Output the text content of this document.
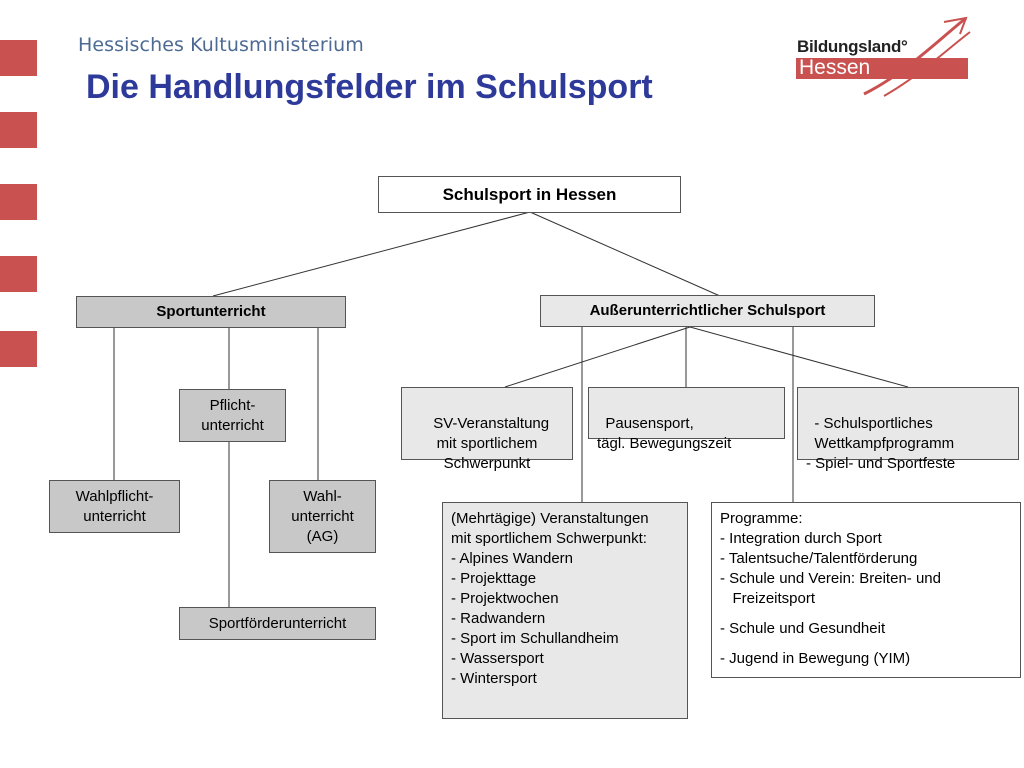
Hessisches Kultusministerium
Die Handlungsfelder im Schulsport
Bildungsland°
Hessen
Schulsport in Hessen
Sportunterricht
Pflicht-
unterricht
Wahlpflicht-
unterricht
Wahl-
unterricht
(AG)
Sportförderunterricht
Außerunterrichtlicher Schulsport

SV-Veranstaltung
mit sportlichem
Schwerpunkt

Pausensport,
tägl. Bewegungszeit

- Schulsportliches
Wettkampfprogramm
- Spiel- und Sportfeste

(Mehrtägige) Veranstaltungen
mit sportlichem Schwerpunkt:
- Alpines Wandern
- Projekttage
- Projektwochen
- Radwandern
- Sport im Schullandheim
- Wassersport
- Wintersport
Programme:
- Integration durch Sport
- Talentsuche/Talentförderung
- Schule und Verein: Breiten- und
Freizeitsport
- Schule und Gesundheit
- Jugend in Bewegung (YIM)
